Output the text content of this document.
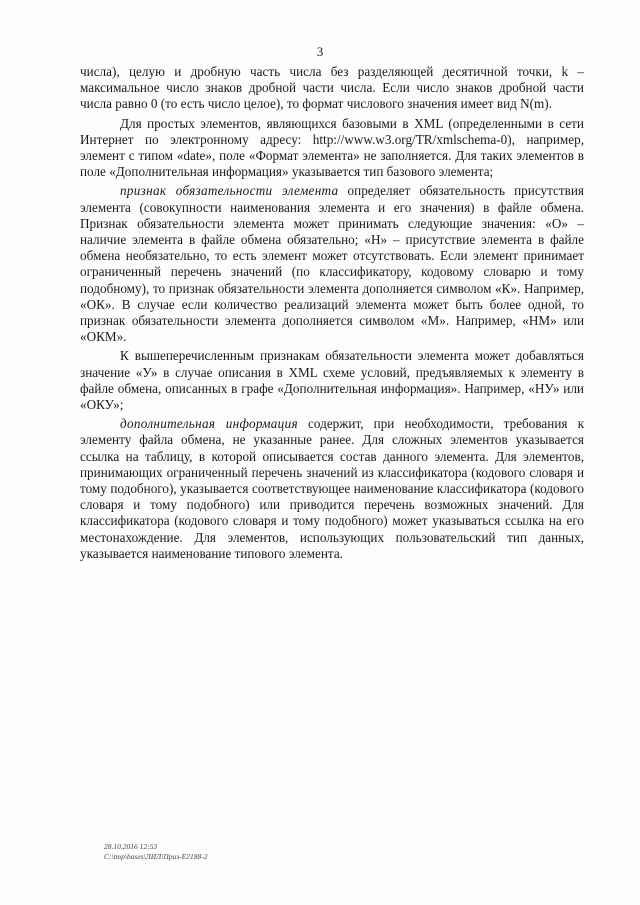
3

числа), целую и дробную часть числа без разделяющей десятичной точки, k – максимальное число знаков дробной части числа. Если число знаков дробной части числа равно 0 (то есть число целое), то формат числового значения имеет вид N(m).

Для простых элементов, являющихся базовыми в XML (определенными в сети Интернет по электронному адресу: http://www.w3.org/TR/xmlschema-0), например, элемент с типом «date», поле «Формат элемента» не заполняется. Для таких элементов в поле «Дополнительная информация» указывается тип базового элемента;

признак обязательности элемента определяет обязательность присутствия элемента (совокупности наименования элемента и его значения) в файле обмена. Признак обязательности элемента может принимать следующие значения: «О» – наличие элемента в файле обмена обязательно; «Н» – присутствие элемента в файле обмена необязательно, то есть элемент может отсутствовать. Если элемент принимает ограниченный перечень значений (по классификатору, кодовому словарю и тому подобному), то признак обязательности элемента дополняется символом «К». Например, «ОК». В случае если количество реализаций элемента может быть более одной, то признак обязательности элемента дополняется символом «М». Например, «НМ» или «ОКМ».

К вышеперечисленным признакам обязательности элемента может добавляться значение «У» в случае описания в XML схеме условий, предъявляемых к элементу в файле обмена, описанных в графе «Дополнительная информация». Например, «НУ» или «ОКУ»;

дополнительная информация содержит, при необходимости, требования к элементу файла обмена, не указанные ранее. Для сложных элементов указывается ссылка на таблицу, в которой описывается состав данного элемента. Для элементов, принимающих ограниченный перечень значений из классификатора (кодового словаря и тому подобного), указывается соответствующее наименование классификатора (кодового словаря и тому подобного) или приводится перечень возможных значений. Для классификатора (кодового словаря и тому подобного) может указываться ссылка на его местонахождение. Для элементов, использующих пользовательский тип данных, указывается наименование типового элемента.

28.10.2016 12:53
C:\tmp\bases\ЛИЛ\Приз-E2188-2
